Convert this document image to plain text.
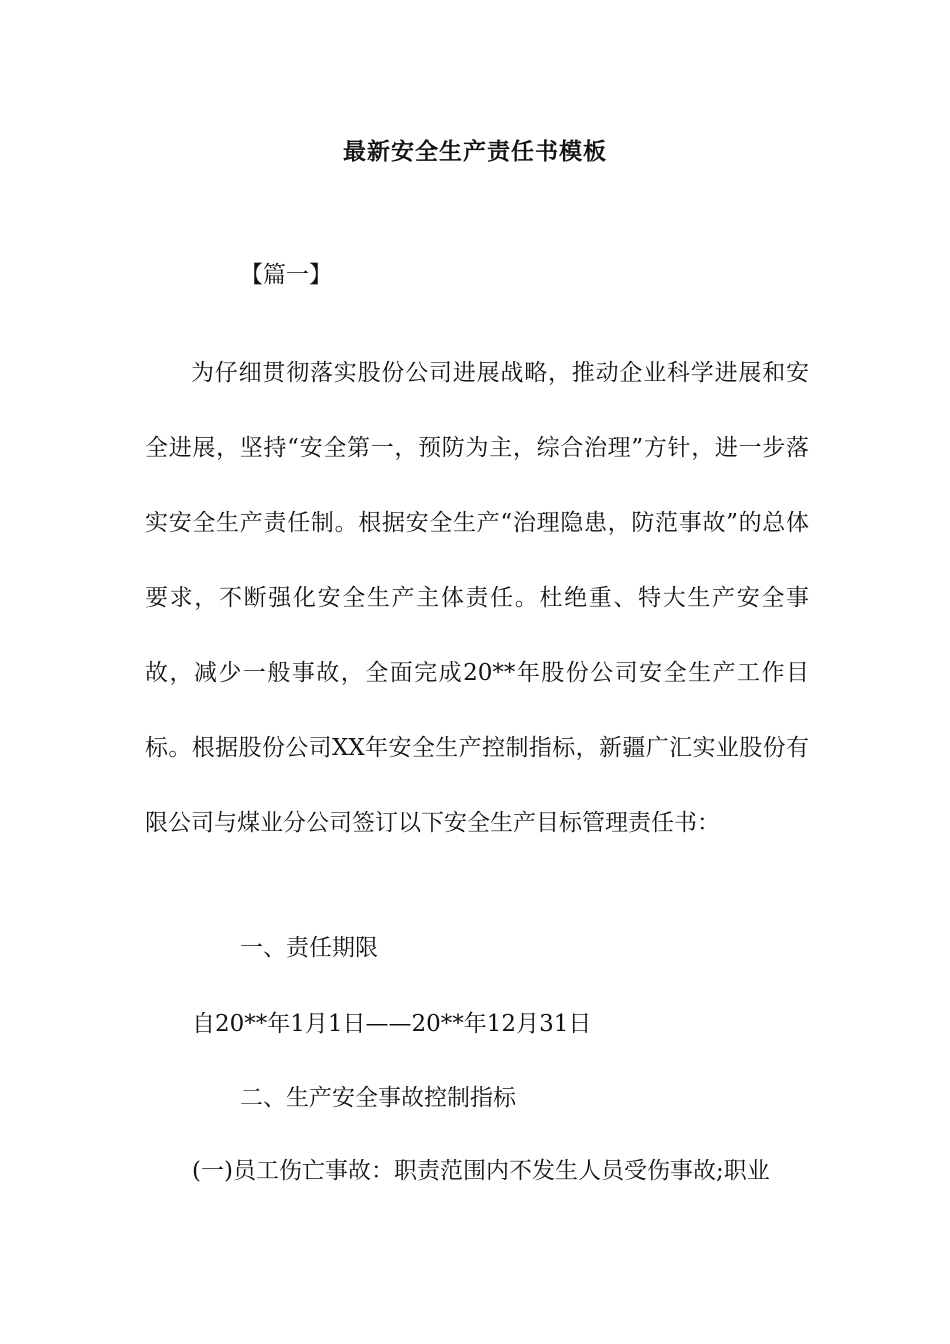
最新安全生产责任书模板

【篇一】

为仔细贯彻落实股份公司进展战略，推动企业科学进展和安全进展，坚持“安全第一，预防为主，综合治理”方针，进一步落实安全生产责任制。根据安全生产“治理隐患，防范事故”的总体要求，不断强化安全生产主体责任。杜绝重、特大生产安全事故，减少一般事故，全面完成20**年股份公司安全生产工作目标。根据股份公司XX年安全生产控制指标，新疆广汇实业股份有限公司与煤业分公司签订以下安全生产目标管理责任书：

一、责任期限

自20**年1月1日——20**年12月31日

二、生产安全事故控制指标

(一)员工伤亡事故：职责范围内不发生人员受伤事故;职业
